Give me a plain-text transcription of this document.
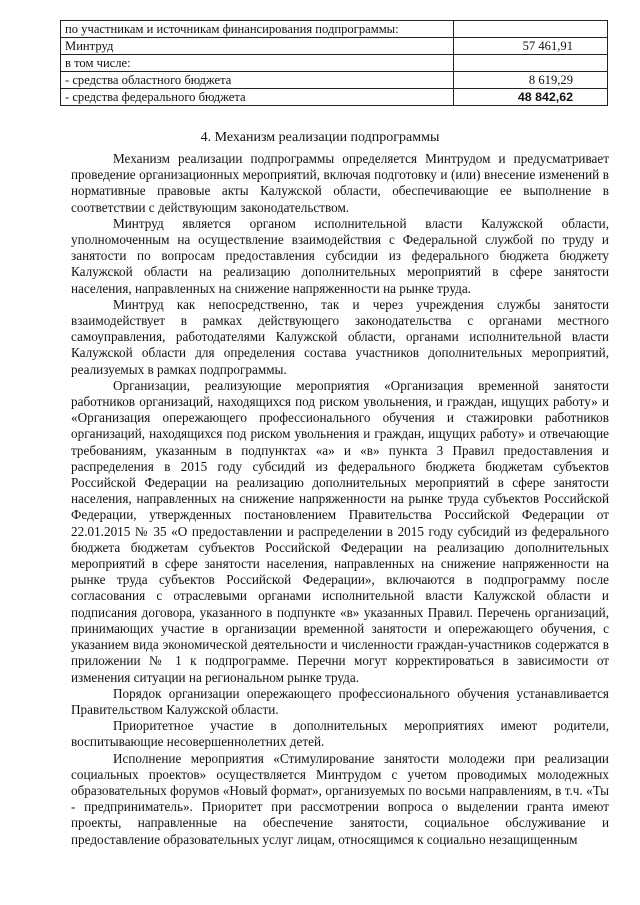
по участникам и источникам финансирования подпрограммы:	
Минтруд	57 461,91
в том числе:	
- средства областного бюджета	8 619,29
- средства федерального бюджета	48 842,62
4. Механизм реализации подпрограммы

Механизм реализации подпрограммы определяется Минтрудом и предусматривает проведение организационных мероприятий, включая подготовку и (или) внесение изменений в нормативные правовые акты Калужской области, обеспечивающие ее выполнение в соответствии с действующим законодательством.

Минтруд является органом исполнительной власти Калужской области, уполномоченным на осуществление взаимодействия с Федеральной службой по труду и занятости по вопросам предоставления субсидии из федерального бюджета бюджету Калужской области на реализацию дополнительных мероприятий в сфере занятости населения, направленных на снижение напряженности на рынке труда.

Минтруд как непосредственно, так и через учреждения службы занятости взаимодействует в рамках действующего законодательства с органами местного самоуправления, работодателями Калужской области, органами исполнительной власти Калужской области для определения состава участников дополнительных мероприятий, реализуемых в рамках подпрограммы.

Организации, реализующие мероприятия «Организация временной занятости работников организаций, находящихся под риском увольнения, и граждан, ищущих работу» и «Организация опережающего профессионального обучения и стажировки работников организаций, находящихся под риском увольнения и граждан, ищущих работу» и отвечающие требованиям, указанным в подпунктах «а» и «в» пункта 3 Правил предоставления и распределения в 2015 году субсидий из федерального бюджета бюджетам субъектов Российской Федерации на реализацию дополнительных мероприятий в сфере занятости населения, направленных на снижение напряженности на рынке труда субъектов Российской Федерации, утвержденных постановлением Правительства Российской Федерации от 22.01.2015 № 35 «О предоставлении и распределении в 2015 году субсидий из федерального бюджета бюджетам субъектов Российской Федерации на реализацию дополнительных мероприятий в сфере занятости населения, направленных на снижение напряженности на рынке труда субъектов Российской Федерации», включаются в подпрограмму после согласования с отраслевыми органами исполнительной власти Калужской области и подписания договора, указанного в подпункте «в» указанных Правил. Перечень организаций, принимающих участие в организации временной занятости и опережающего обучения, с указанием вида экономической деятельности и численности граждан-участников содержатся в приложении № 1 к подпрограмме. Перечни могут корректироваться в зависимости от изменения ситуации на региональном рынке труда.

Порядок организации опережающего профессионального обучения устанавливается Правительством Калужской области.

Приоритетное участие в дополнительных мероприятиях имеют родители, воспитывающие несовершеннолетних детей.

Исполнение мероприятия «Стимулирование занятости молодежи при реализации социальных проектов» осуществляется Минтрудом с учетом проводимых молодежных образовательных форумов «Новый формат», организуемых по восьми направлениям, в т.ч. «Ты - предприниматель». Приоритет при рассмотрении вопроса о выделении гранта имеют проекты, направленные на обеспечение занятости, социальное обслуживание и предоставление образовательных услуг лицам, относящимся к социально незащищенным
